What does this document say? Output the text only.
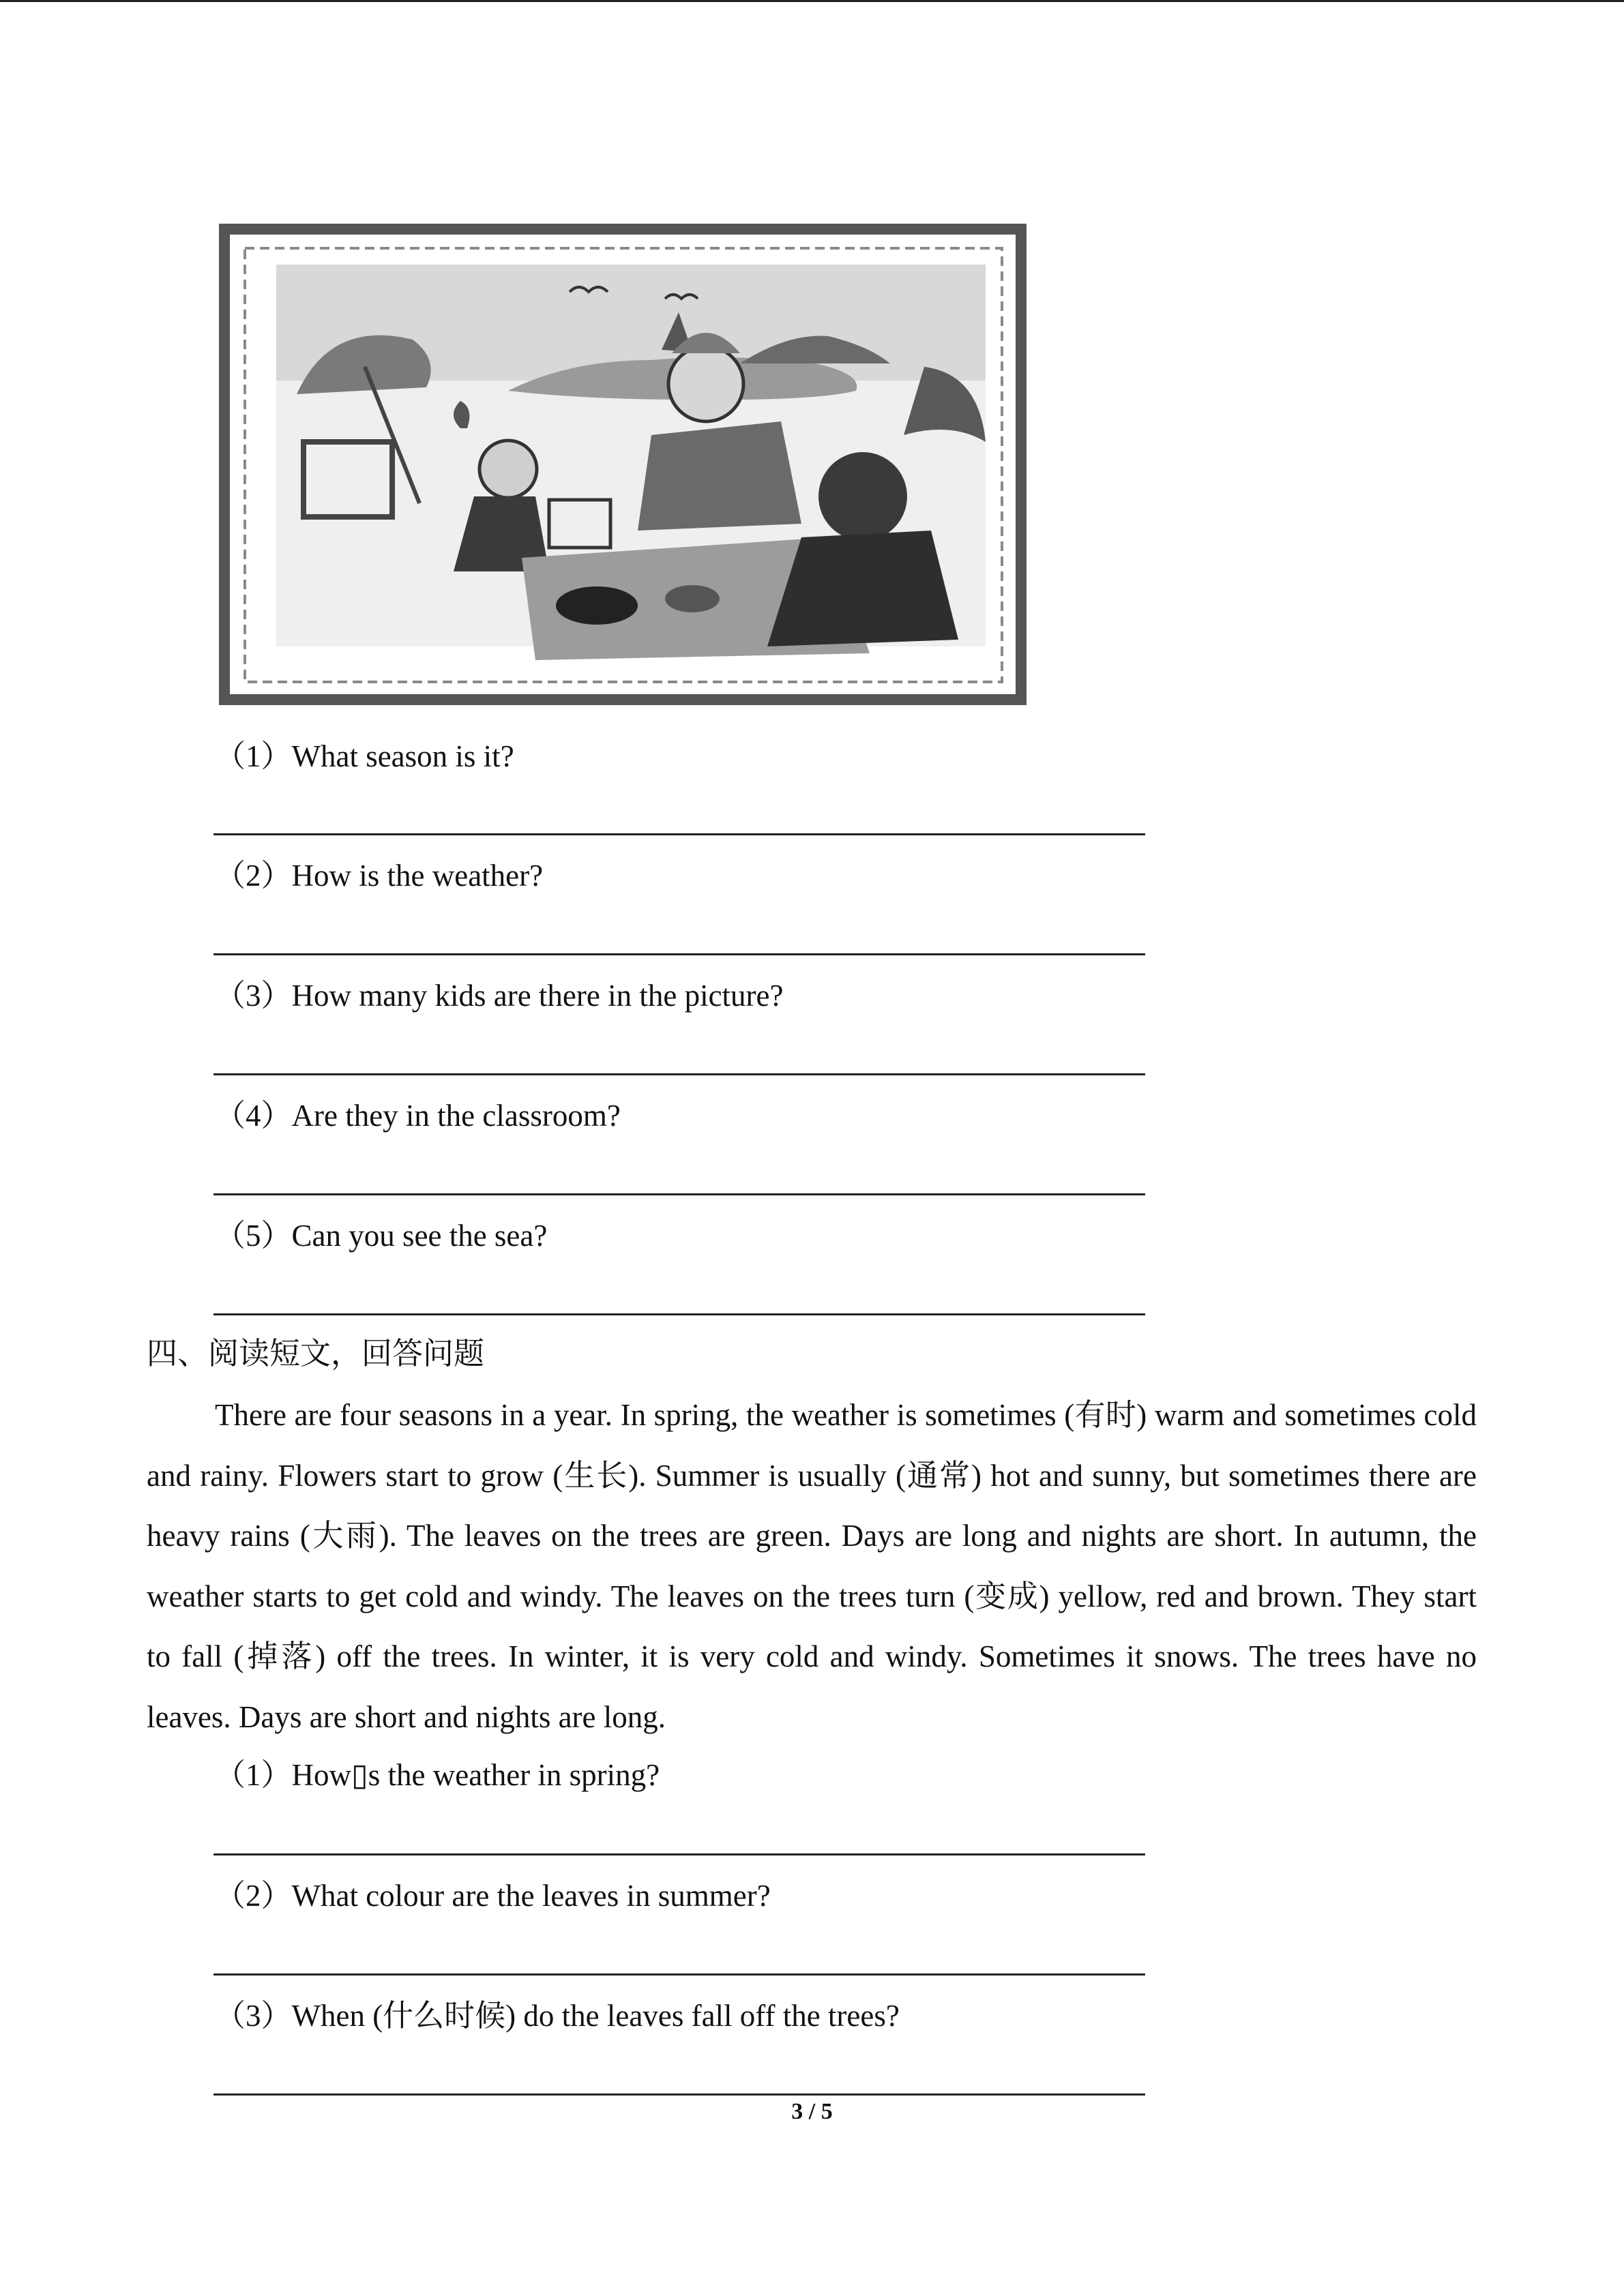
（1）What season is it?
（2）How is the weather?
（3）How many kids are there in the picture?
（4）Are they in the classroom?
（5）Can you see the sea?
四、阅读短文，回答问题

There are four seasons in a year. In spring, the weather is sometimes (有时) warm and sometimes cold and rainy. Flowers start to grow (生长). Summer is usually (通常) hot and sunny, but sometimes there are heavy rains (大雨). The leaves on the trees are green. Days are long and nights are short. In autumn, the weather starts to get cold and windy. The leaves on the trees turn (变成) yellow, red and brown. They start to fall (掉落) off the trees. In winter, it is very cold and windy. Sometimes it snows. The trees have no leaves. Days are short and nights are long.

（1）How▯s the weather in spring?
（2）What colour are the leaves in summer?
（3）When (什么时候) do the leaves fall off the trees?
3 / 5
